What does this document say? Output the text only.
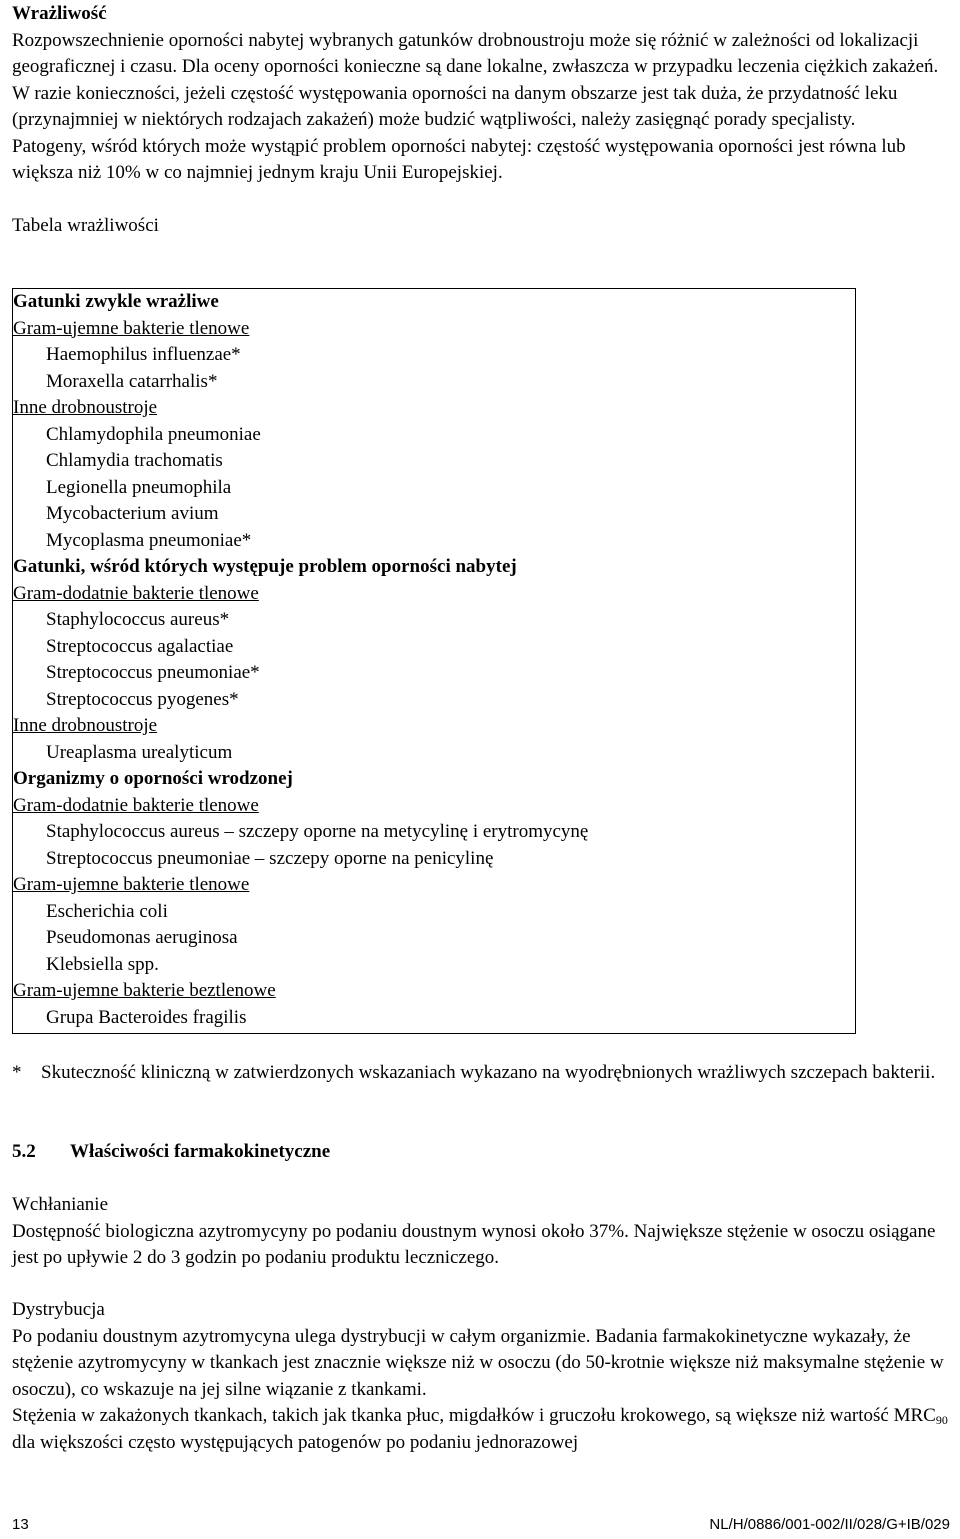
Wrażliwość

Rozpowszechnienie oporności nabytej wybranych gatunków drobnoustroju może się różnić w zależności od lokalizacji geograficznej i czasu. Dla oceny oporności konieczne są dane lokalne, zwłaszcza w przypadku leczenia ciężkich zakażeń. W razie konieczności, jeżeli częstość występowania oporności na danym obszarze jest tak duża, że przydatność leku (przynajmniej w niektórych rodzajach zakażeń) może budzić wątpliwości, należy zasięgnąć porady specjalisty.

Patogeny, wśród których może wystąpić problem oporności nabytej: częstość występowania oporności jest równa lub większa niż 10% w co najmniej jednym kraju Unii Europejskiej.

Tabela wrażliwości

Gatunki zwykle wrażliwe
Gram-ujemne bakterie tlenowe
Haemophilus influenzae*
Moraxella catarrhalis*
Inne drobnoustroje
Chlamydophila pneumoniae
Chlamydia trachomatis
Legionella pneumophila
Mycobacterium avium
Mycoplasma pneumoniae*
Gatunki, wśród których występuje problem oporności nabytej
Gram-dodatnie bakterie tlenowe
Staphylococcus aureus*
Streptococcus agalactiae
Streptococcus pneumoniae*
Streptococcus pyogenes*
Inne drobnoustroje
Ureaplasma urealyticum
Organizmy o oporności wrodzonej
Gram-dodatnie bakterie tlenowe
Staphylococcus aureus – szczepy oporne na metycylinę i erytromycynę
Streptococcus pneumoniae – szczepy oporne na penicylinę
Gram-ujemne bakterie tlenowe
Escherichia coli
Pseudomonas aeruginosa
Klebsiella spp.
Gram-ujemne bakterie beztlenowe
Grupa Bacteroides fragilis
*	Skuteczność kliniczną w zatwierdzonych wskazaniach wykazano na wyodrębnionych wrażliwych szczepach bakterii.
5.2 Właściwości farmakokinetyczne

Wchłanianie

Dostępność biologiczna azytromycyny po podaniu doustnym wynosi około 37%. Największe stężenie w osoczu osiągane jest po upływie 2 do 3 godzin po podaniu produktu leczniczego.

Dystrybucja

Po podaniu doustnym azytromycyna ulega dystrybucji w całym organizmie. Badania farmakokinetyczne wykazały, że stężenie azytromycyny w tkankach jest znacznie większe niż w osoczu (do 50-krotnie większe niż maksymalne stężenie w osoczu), co wskazuje na jej silne wiązanie z tkankami.

Stężenia w zakażonych tkankach, takich jak tkanka płuc, migdałków i gruczołu krokowego, są większe niż wartość $MRC_{90}$ dla większości często występujących patogenów po podaniu jednorazowej

13	NL/H/0886/001-002/II/028/G+IB/029
